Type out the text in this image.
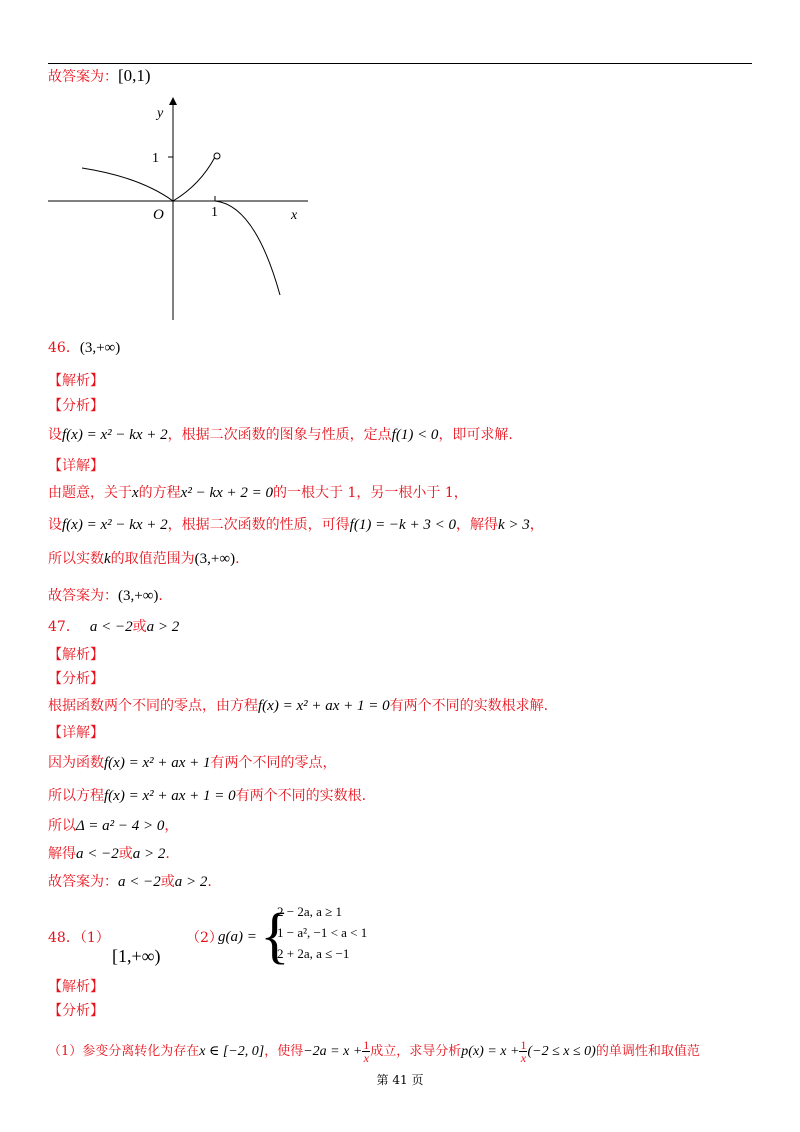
故答案为：[0,1)
y
x
O
1
1
46．(3,+∞)
【解析】
【分析】
设f(x) = x² − kx + 2，根据二次函数的图象与性质，定点f(1) < 0，即可求解.
【详解】
由题意，关于x的方程x² − kx + 2 = 0的一根大于 1，另一根小于 1，
设f(x) = x² − kx + 2，根据二次函数的性质，可得f(1) = −k + 3 < 0，解得k > 3，
所以实数k的取值范围为(3,+∞).
故答案为：(3,+∞).
47． a < −2或a > 2
【解析】
【分析】
根据函数两个不同的零点，由方程f(x) = x² + ax + 1 = 0有两个不同的实数根求解.
【详解】
因为函数f(x) = x² + ax + 1有两个不同的零点，
所以方程f(x) = x² + ax + 1 = 0有两个不同的实数根.
所以Δ = a² − 4 > 0，
解得a < −2或a > 2.
故答案为：a < −2或a > 2.
48．（1）
[1,+∞)
（2）
g(a) = {
2 − 2a, a ≥ 1
1 − a², −1 < a < 1
2 + 2a, a ≤ −1
【解析】
【分析】
（1）参变分离转化为存在x ∈ [−2, 0]，使得$-2a = x + \frac{1}{x}$ 成立，求导分析$p(x) = x + \frac{1}{x} (-2 \le x \le 0)$的单调性和取值范
第 41 页
